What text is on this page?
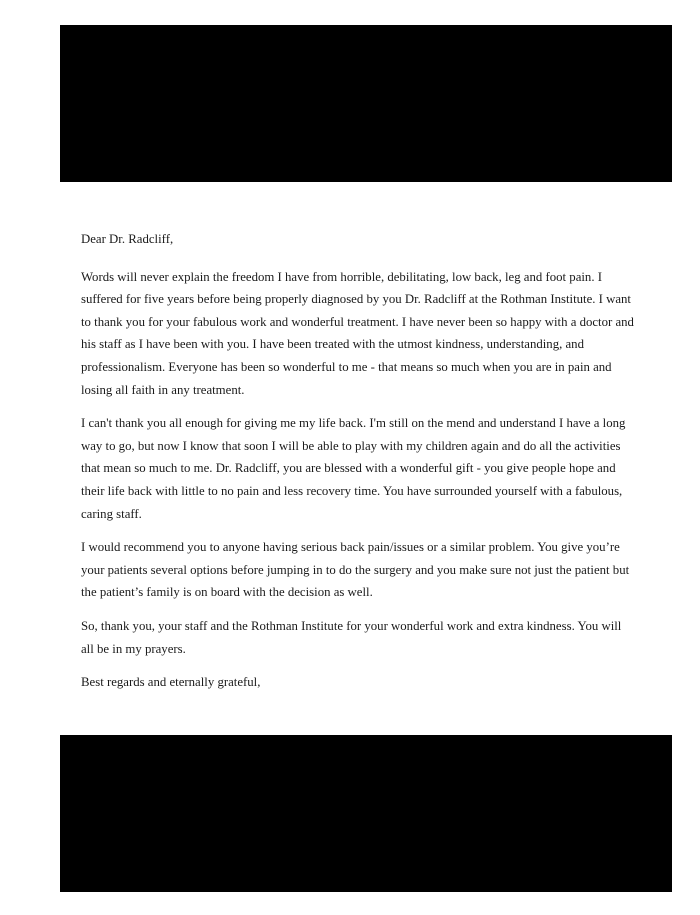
Dear Dr. Radcliff,

Words will never explain the freedom I have from horrible, debilitating, low back, leg and foot pain. I suffered for five years before being properly diagnosed by you Dr. Radcliff at the Rothman Institute. I want to thank you for your fabulous work and wonderful treatment. I have never been so happy with a doctor and his staff as I have been with you. I have been treated with the utmost kindness, understanding, and professionalism. Everyone has been so wonderful to me - that means so much when you are in pain and losing all faith in any treatment.

I can't thank you all enough for giving me my life back. I'm still on the mend and understand I have a long way to go, but now I know that soon I will be able to play with my children again and do all the activities that mean so much to me. Dr. Radcliff, you are blessed with a wonderful gift - you give people hope and their life back with little to no pain and less recovery time. You have surrounded yourself with a fabulous, caring staff.

I would recommend you to anyone having serious back pain/issues or a similar problem. You give you’re your patients several options before jumping in to do the surgery and you make sure not just the patient but the patient’s family is on board with the decision as well.

So, thank you, your staff and the Rothman Institute for your wonderful work and extra kindness. You will all be in my prayers.

Best regards and eternally grateful,
